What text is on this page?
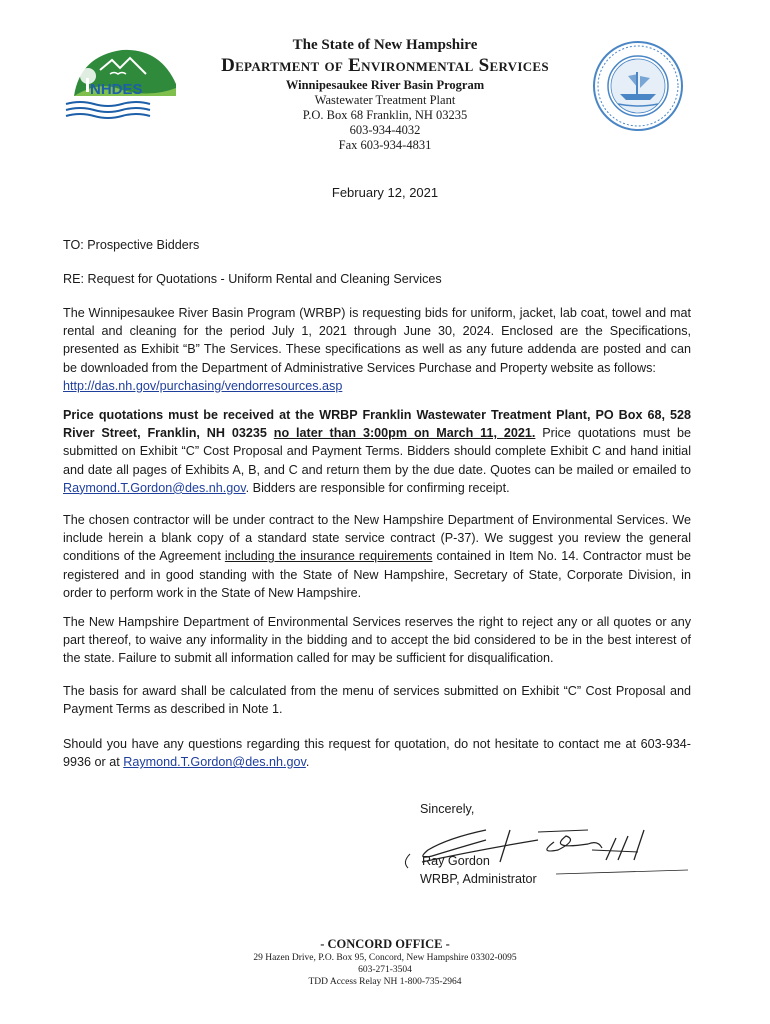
NHDES
The State of New Hampshire
Department of Environmental Services
Winnipesaukee River Basin Program
Wastewater Treatment Plant
P.O. Box 68 Franklin, NH 03235
603-934-4032
Fax 603-934-4831
February 12, 2021
TO: Prospective Bidders
RE: Request for Quotations - Uniform Rental and Cleaning Services

The Winnipesaukee River Basin Program (WRBP) is requesting bids for uniform, jacket, lab coat, towel and mat rental and cleaning for the period July 1, 2021 through June 30, 2024. Enclosed are the Specifications, presented as Exhibit “B” The Services. These specifications as well as any future addenda are posted and can be downloaded from the Department of Administrative Services Purchase and Property website as follows:
http://das.nh.gov/purchasing/vendorresources.asp

Price quotations must be received at the WRBP Franklin Wastewater Treatment Plant, PO Box 68, 528 River Street, Franklin, NH 03235 no later than 3:00pm on March 11, 2021. Price quotations must be submitted on Exhibit “C” Cost Proposal and Payment Terms. Bidders should complete Exhibit C and hand initial and date all pages of Exhibits A, B, and C and return them by the due date. Quotes can be mailed or emailed to Raymond.T.Gordon@des.nh.gov. Bidders are responsible for confirming receipt.

The chosen contractor will be under contract to the New Hampshire Department of Environmental Services. We include herein a blank copy of a standard state service contract (P-37). We suggest you review the general conditions of the Agreement including the insurance requirements contained in Item No. 14. Contractor must be registered and in good standing with the State of New Hampshire, Secretary of State, Corporate Division, in order to perform work in the State of New Hampshire.

The New Hampshire Department of Environmental Services reserves the right to reject any or all quotes or any part thereof, to waive any informality in the bidding and to accept the bid considered to be in the best interest of the state. Failure to submit all information called for may be sufficient for disqualification.

The basis for award shall be calculated from the menu of services submitted on Exhibit “C” Cost Proposal and Payment Terms as described in Note 1.

Should you have any questions regarding this request for quotation, do not hesitate to contact me at 603-934-9936 or at Raymond.T.Gordon@des.nh.gov.

Sincerely,
Ray Gordon
WRBP, Administrator
- CONCORD OFFICE -
29 Hazen Drive, P.O. Box 95, Concord, New Hampshire 03302-0095
603-271-3504
TDD Access Relay NH 1-800-735-2964
